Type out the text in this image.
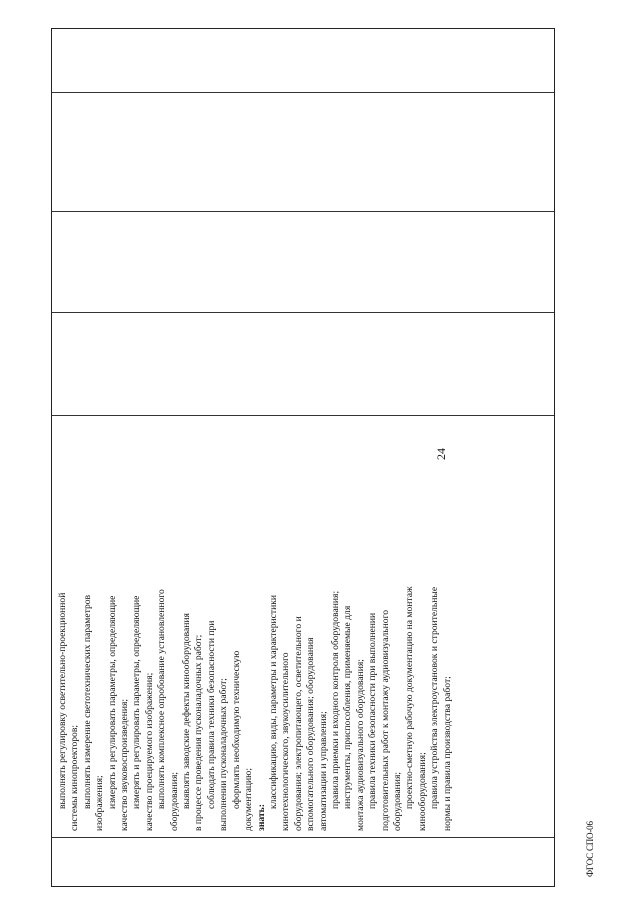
24
выполнять регулировку осветительно-проекционной системы кинопроекторов; выполнять измерение светотехнических параметров изображения; измерять и регулировать параметры, определяющие качество звуковоспроизведения; измерять и регулировать параметры, определяющие качество проецируемого изображения; выполнять комплексное опробование установленного оборудования; выявлять заводские дефекты кинооборудования в процессе проведения пусконаладочных работ; соблюдать правила техники безопасности при выполнении пусконаладочных работ; оформлять необходимую техническую документацию; знать:
классификацию, виды, параметры и характеристики кинотехнологического, звукоусилительного оборудования; электропитающего, осветительного и вспомогательного оборудования; оборудования автоматизации и управления; правила приемки и входного контроля оборудования; инструменты, приспособления, применяемые для монтажа аудиовизуального оборудования; правила техники безопасности при выполнении подготовительных работ к монтажу аудиовизуального оборудования; проектно-сметную рабочую документацию на монтаж кинооборудования; правила устройства электроустановок и строительные нормы и правила производства работ;
ФГОС СПО-06
